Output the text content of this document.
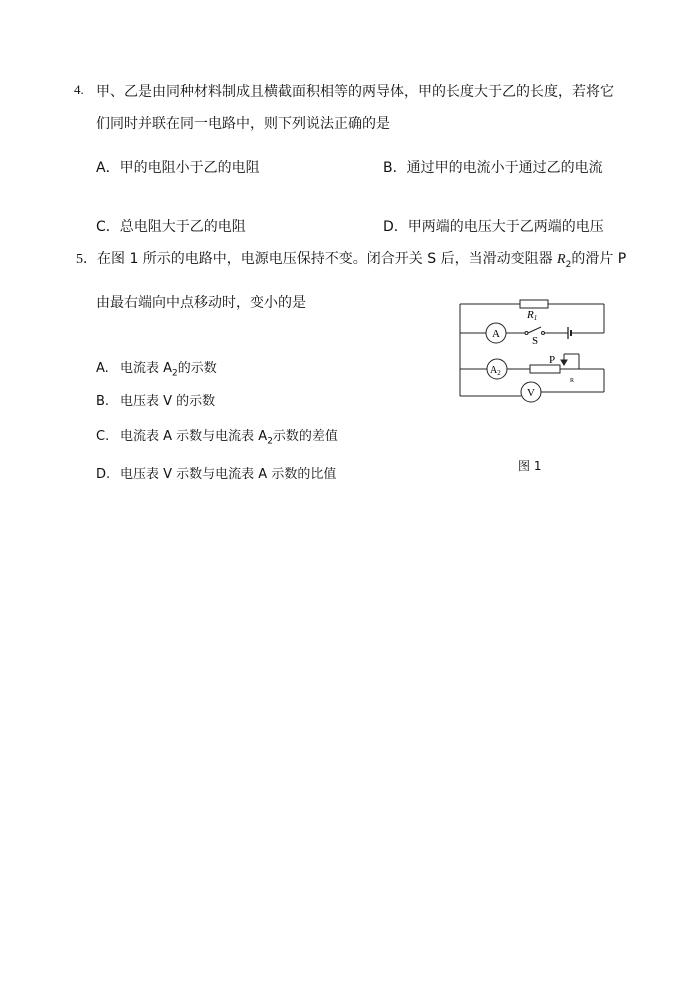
4. 甲、乙是由同种材料制成且横截面积相等的两导体，甲的长度大于乙的长度，若将它
们同时并联在同一电路中，则下列说法正确的是
A．甲的电阻小于乙的电阻	B．通过甲的电流小于通过乙的电流
C．总电阻大于乙的电阻	D．甲两端的电压大于乙两端的电压
5．在图 1 所示的电路中，电源电压保持不变。闭合开关 S 后，当滑动变阻器 $R_2$的滑片 P
由最右端向中点移动时，变小的是
A. 电流表 $A_2$的示数
B. 电压表 V 的示数
C. 电流表 A 示数与电流表 $A_2$示数的差值
D. 电压表 V 示数与电流表 A 示数的比值
R1
A
S
$A_2$
P
V
R
图 1
